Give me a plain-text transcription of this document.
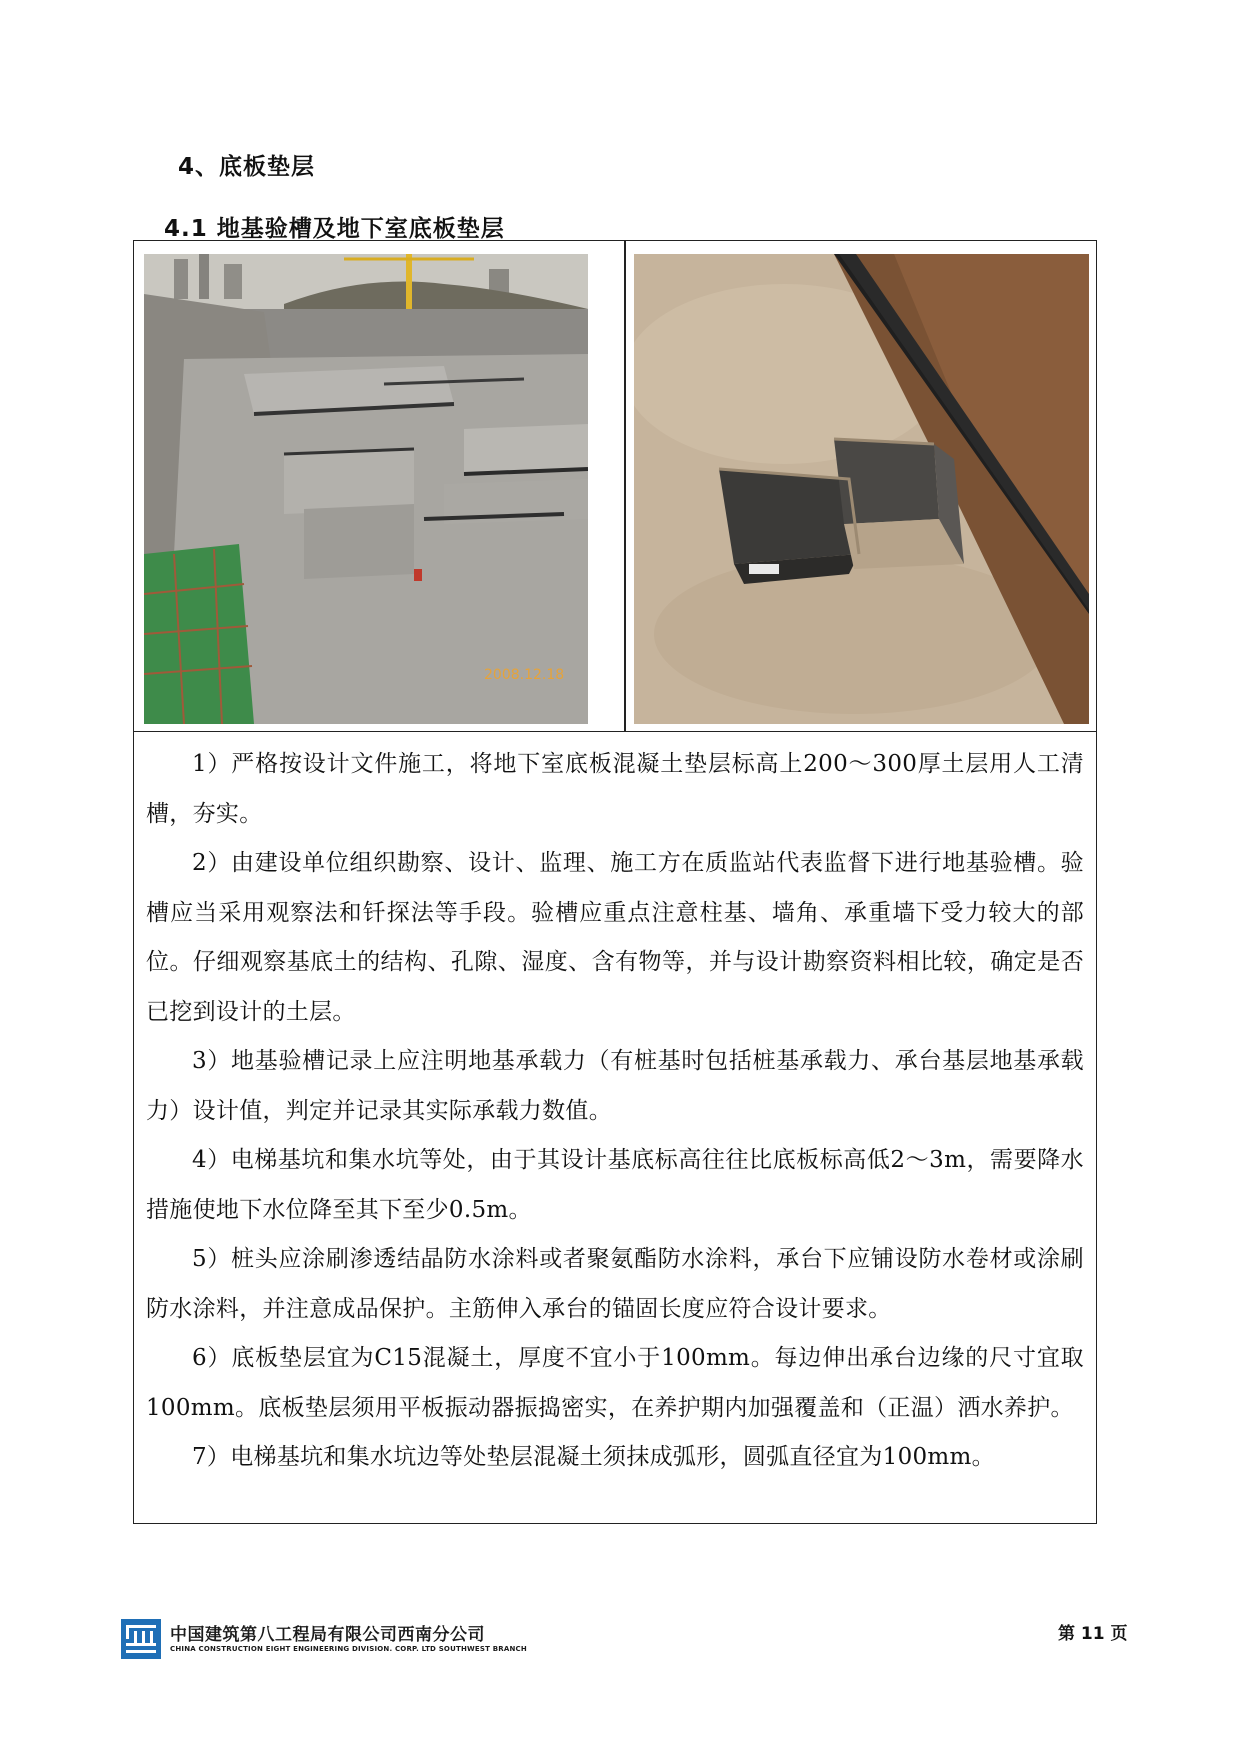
4、底板垫层
4.1 地基验槽及地下室底板垫层
2008.12.18

1）严格按设计文件施工，将地下室底板混凝土垫层标高上200～300厚土层用人工清槽，夯实。

2）由建设单位组织勘察、设计、监理、施工方在质监站代表监督下进行地基验槽。验槽应当采用观察法和钎探法等手段。验槽应重点注意柱基、墙角、承重墙下受力较大的部位。仔细观察基底土的结构、孔隙、湿度、含有物等，并与设计勘察资料相比较，确定是否已挖到设计的土层。

3）地基验槽记录上应注明地基承载力（有桩基时包括桩基承载力、承台基层地基承载力）设计值，判定并记录其实际承载力数值。

4）电梯基坑和集水坑等处，由于其设计基底标高往往比底板标高低2～3m，需要降水措施使地下水位降至其下至少0.5m。

5）桩头应涂刷渗透结晶防水涂料或者聚氨酯防水涂料，承台下应铺设防水卷材或涂刷防水涂料，并注意成品保护。主筋伸入承台的锚固长度应符合设计要求。

6）底板垫层宜为C15混凝土，厚度不宜小于100mm。每边伸出承台边缘的尺寸宜取100mm。底板垫层须用平板振动器振捣密实，在养护期内加强覆盖和（正温）洒水养护。

7）电梯基坑和集水坑边等处垫层混凝土须抹成弧形，圆弧直径宜为100mm。

中国建筑第八工程局有限公司西南分公司
CHINA CONSTRUCTION EIGHT ENGINEERING DIVISION. CORP. LTD SOUTHWEST BRANCH
第 11 页
